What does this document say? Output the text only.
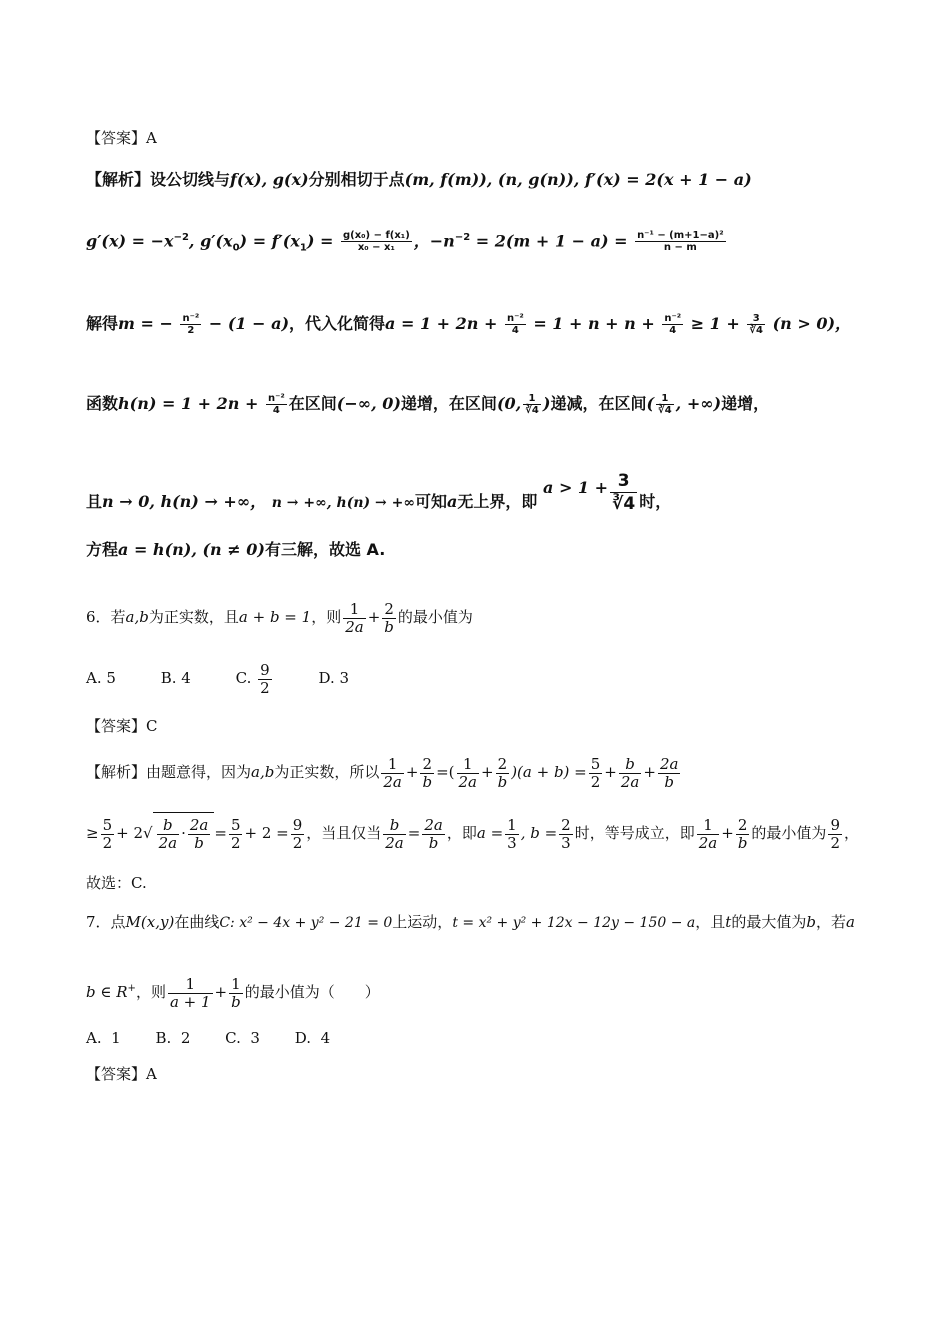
【答案】A
【解析】设公切线与f(x), g(x)分别相切于点(m, f(m)), (n, g(n)), f′(x) = 2(x + 1 − a)
$g'(x) = -x^{-2}$, $g'(x_0) = f'(x_1) = \frac{\text{g(x₀) − f(x₁)}}{\text{x₀ − x₁}}$ ，$-n^{-2} = 2(m + 1 - a) = \frac{\text{n⁻¹ − (m+1−a)²}}{n - m}$
解得m = − $\frac{\text{n⁻²}}{2} - (1 - a)$，代入化简得$a = 1 + 2n + \frac{\text{n⁻²}}{4} = 1 + n + n + \frac{\text{n⁻²}}{4} \ge 1 + \frac{3}{∛4} (n > 0)$，
函数$h(n) = 1 + 2n + \frac{\text{n⁻²}}{4}$ 在区间(−∞, 0)递增，在区间(0, $\frac{1}{∛4}$ )递减，在区间( $\frac{1}{∛4}$ , +∞)递增，
且n → 0, h(n) → +∞， n → +∞, h(n) → +∞可知a无上界，即 $a > 1 + \frac{3}{∛4}$ 时，
方程a = h(n), (n ≠ 0)有三解，故选 A.
6．若a,b为正实数，且a + b = 1，则 $\frac{1}{2a} + \frac{2}{b}$ 的最小值为
A. 5	B. 4	C. $\frac{9}{2}$	D. 3
【答案】C
【解析】由题意得，因为a,b为正实数，所以 $\frac{1}{2a} + \frac{2}{b}$ =( $\frac{1}{2a} + \frac{2}{b} )(a + b) = \frac{5}{2} + \frac{b}{2a} + \frac{2a}{b}$
≥ $\frac{5}{2} + 2√ \frac{b}{2a} \cdot \frac{2a}{b} = \frac{5}{2} + 2 = \frac{9}{2}$ ，当且仅当 $\frac{b}{2a} = \frac{2a}{b}$ ，即$a = \frac{1}{3}$ , $b = \frac{2}{3}$ 时，等号成立，即 $\frac{1}{2a} + \frac{2}{b}$ 的最小值为 $\frac{9}{2}$ ，
故选：C.
7．点M(x,y)在曲线C: x² − 4x + y² − 21 = 0上运动，t = x² + y² + 12x − 12y − 150 − a，且t的最大值为b，若a
b ∈ R+，则 $\frac{1}{a + 1} + \frac{1}{b}$ 的最小值为（　　）
A. 1 B. 2 C. 3 D. 4
【答案】A
